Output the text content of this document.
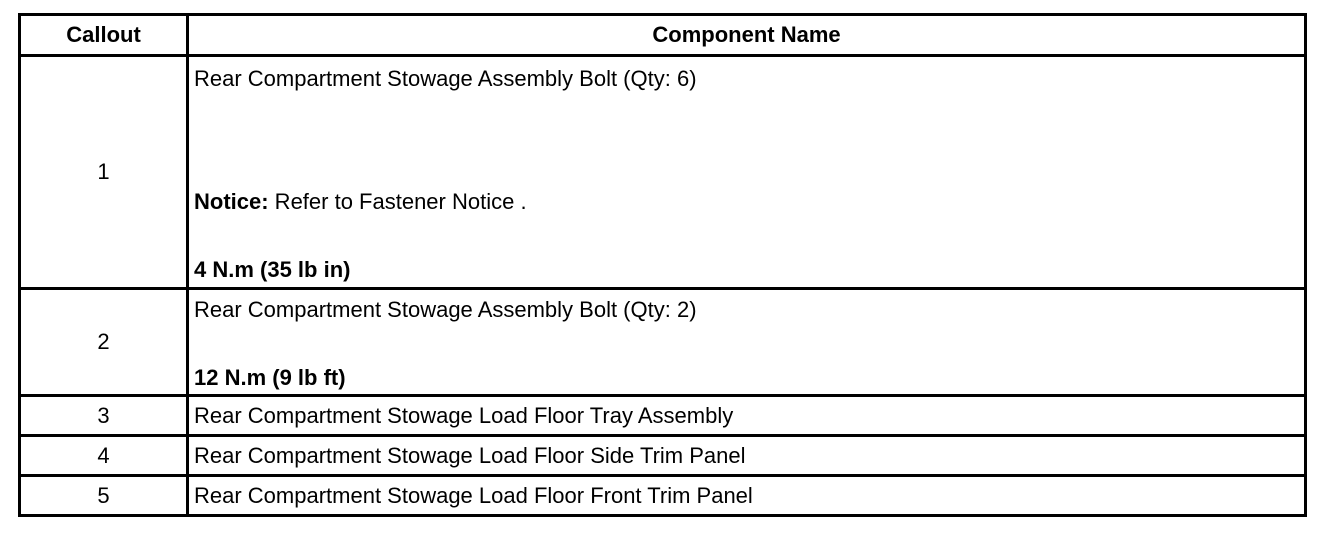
Callout	Component Name
1	Rear Compartment Stowage Assembly Bolt (Qty: 6)
Notice: Refer to Fastener Notice .
4 N.m (35 lb in)

2	Rear Compartment Stowage Assembly Bolt (Qty: 2)
12 N.m (9 lb ft)

3	Rear Compartment Stowage Load Floor Tray Assembly
4	Rear Compartment Stowage Load Floor Side Trim Panel
5	Rear Compartment Stowage Load Floor Front Trim Panel
